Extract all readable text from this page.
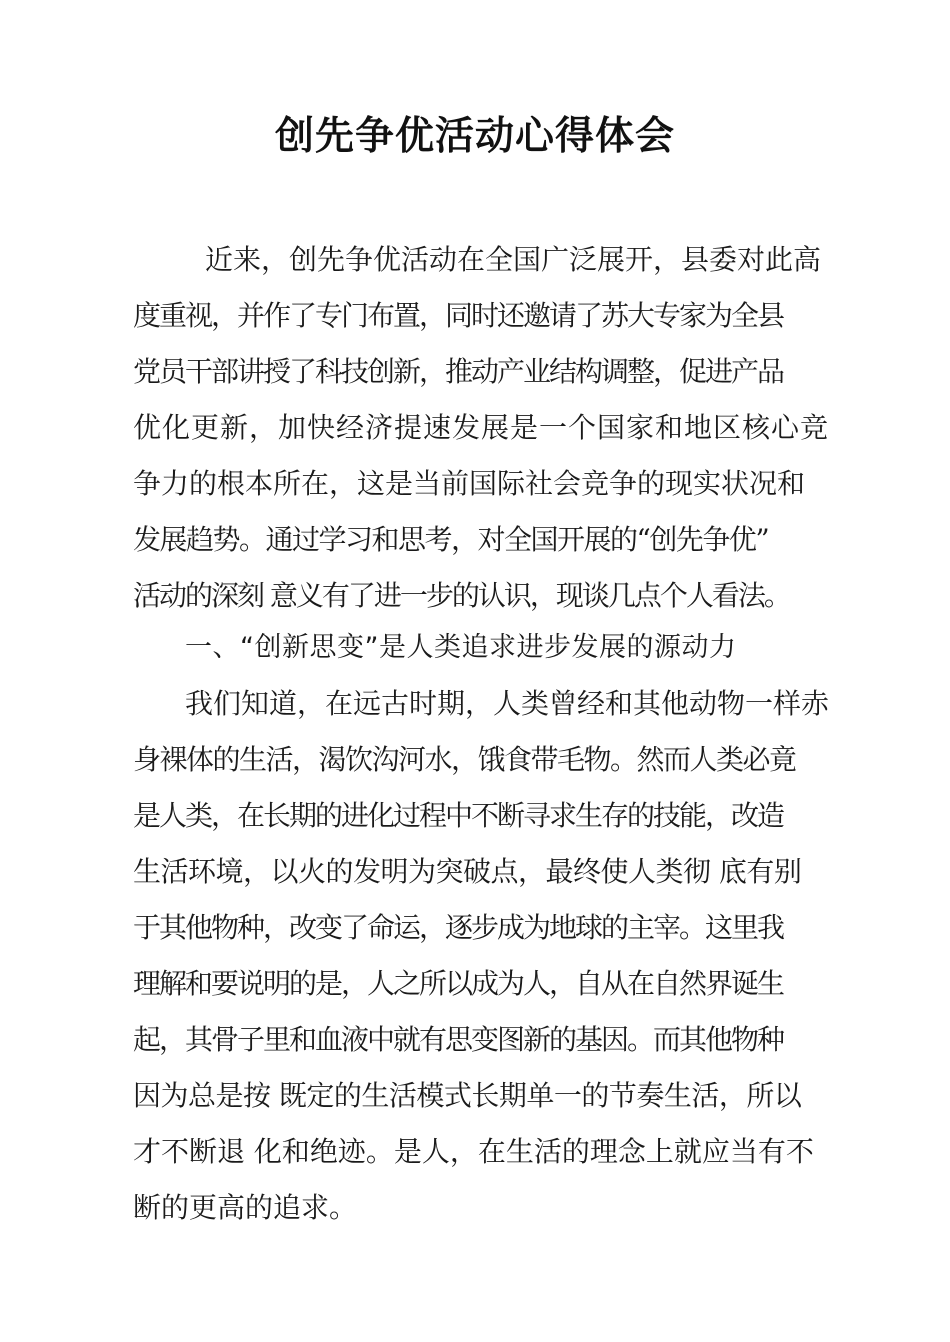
创先争优活动心得体会

近来，创先争优活动在全国广泛展开，县委对此高

度重视，并作了专门布置，同时还邀请了苏大专家为全县

党员干部讲授了科技创新，推动产业结构调整，促进产品

优化更新，加快经济提速发展是一个国家和地区核心竞

争力的根本所在，这是当前国际社会竞争的现实状况和

发展趋势。通过学习和思考，对全国开展的“创先争优”

活动的深刻 意义有了进一步的认识，现谈几点个人看法。

一、“创新思变”是人类追求进步发展的源动力

我们知道，在远古时期，人类曾经和其他动物一样赤

身裸体的生活，渴饮沟河水，饿食带毛物。然而人类必竟

是人类，在长期的进化过程中不断寻求生存的技能，改造

生活环境，以火的发明为突破点，最终使人类彻 底有别

于其他物种，改变了命运，逐步成为地球的主宰。这里我

理解和要说明的是，人之所以成为人，自从在自然界诞生

起，其骨子里和血液中就有思变图新的基因。而其他物种

因为总是按 既定的生活模式长期单一的节奏生活，所以

才不断退 化和绝迹。是人，在生活的理念上就应当有不

断的更高的追求。
